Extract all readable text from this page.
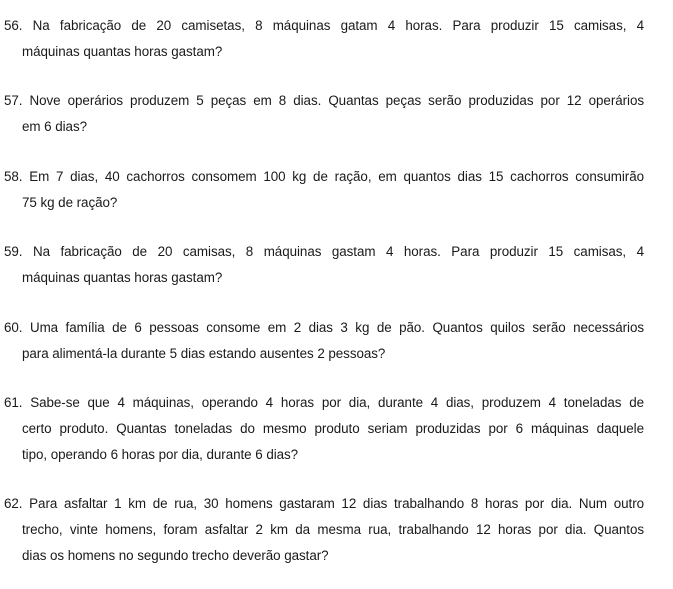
56. Na fabricação de 20 camisetas, 8 máquinas gatam 4 horas. Para produzir 15 camisas, 4
máquinas quantas horas gastam?
57. Nove operários produzem 5 peças em 8 dias. Quantas peças serão produzidas por 12 operários
em 6 dias?
58. Em 7 dias, 40 cachorros consomem 100 kg de ração, em quantos dias 15 cachorros consumirão
75 kg de ração?
59. Na fabricação de 20 camisas, 8 máquinas gastam 4 horas. Para produzir 15 camisas, 4
máquinas quantas horas gastam?
60. Uma família de 6 pessoas consome em 2 dias 3 kg de pão. Quantos quilos serão necessários
para alimentá-la durante 5 dias estando ausentes 2 pessoas?
61. Sabe-se que 4 máquinas, operando 4 horas por dia, durante 4 dias, produzem 4 toneladas de
certo produto. Quantas toneladas do mesmo produto seriam produzidas por 6 máquinas daquele
tipo, operando 6 horas por dia, durante 6 dias?
62. Para asfaltar 1 km de rua, 30 homens gastaram 12 dias trabalhando 8 horas por dia. Num outro
trecho, vinte homens, foram asfaltar 2 km da mesma rua, trabalhando 12 horas por dia. Quantos
dias os homens no segundo trecho deverão gastar?
